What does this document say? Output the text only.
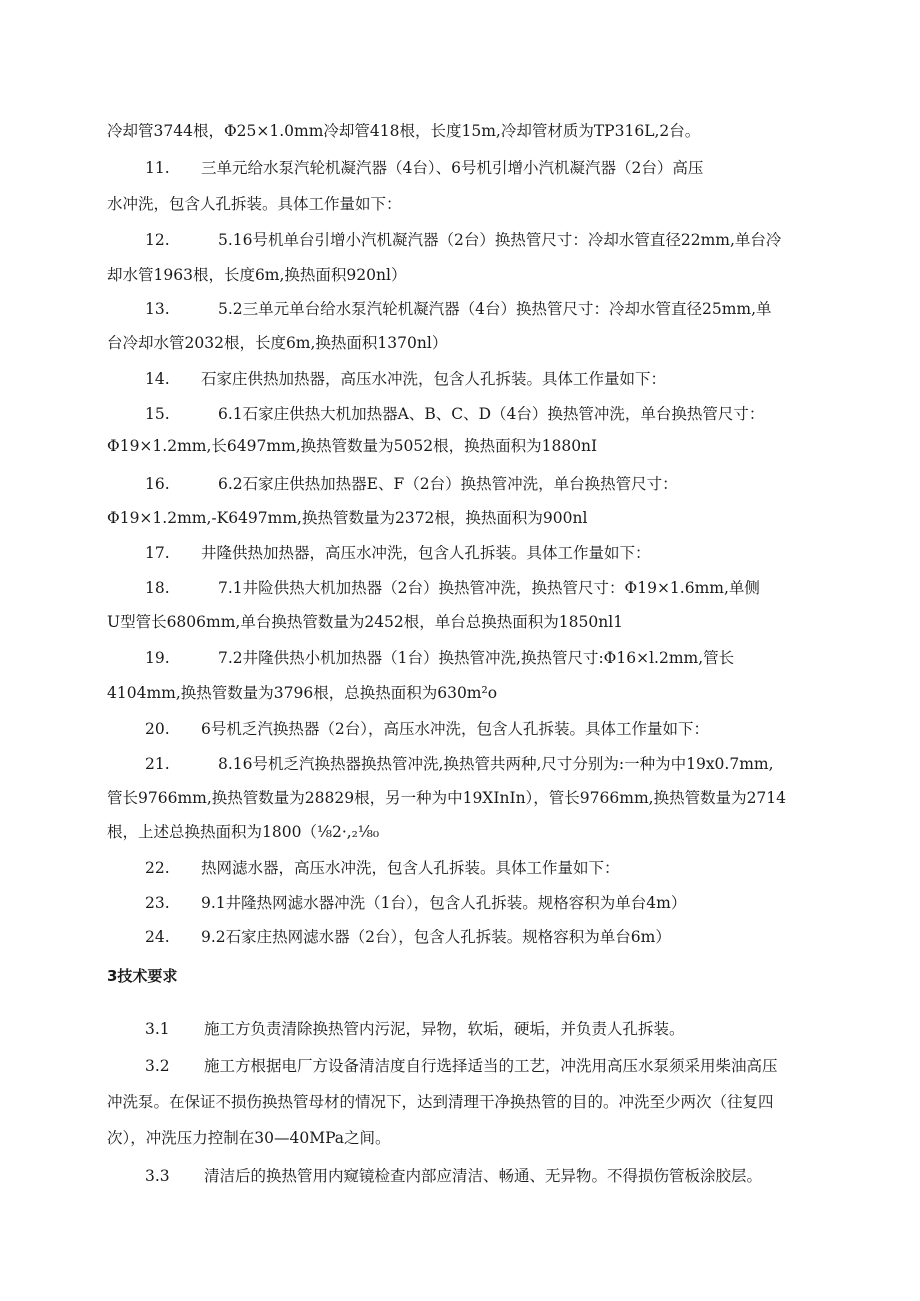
冷却管3744根，Φ25×1.0mm冷却管418根，长度15m,冷却管材质为TP316L,2台。
11. 三单元给水泵汽轮机凝汽器（4台）、6号机引增小汽机凝汽器（2台）高压
水冲洗，包含人孔拆装。具体工作量如下：
12.	5.16号机单台引增小汽机凝汽器（2台）换热管尺寸：冷却水管直径22mm,单台冷
却水管1963根，长度6m,换热面积920nl）
13.	5.2三单元单台给水泵汽轮机凝汽器（4台）换热管尺寸：冷却水管直径25mm,单
台冷却水管2032根，长度6m,换热面积1370nl）
14. 石家庄供热加热器，高压水冲洗，包含人孔拆装。具体工作量如下：
15.	6.1石家庄供热大机加热器A、B、C、D（4台）换热管冲洗，单台换热管尺寸：
Φ19×1.2mm,长6497mm,换热管数量为5052根，换热面积为1880nI
16.	6.2石家庄供热加热器E、F（2台）换热管冲洗，单台换热管尺寸：
Φ19×1.2mm,-K6497mm,换热管数量为2372根，换热面积为900nl
17. 井隆供热加热器，高压水冲洗，包含人孔拆装。具体工作量如下：
18.	7.1井险供热大机加热器（2台）换热管冲洗，换热管尺寸：Φ19×1.6mm,单侧
U型管长6806mm,单台换热管数量为2452根，单台总换热面积为1850nl1
19.	7.2井隆供热小机加热器（1台）换热管冲洗,换热管尺寸:Φ16×l.2mm,管长
4104mm,换热管数量为3796根，总换热面积为630m²o
20. 6号机乏汽换热器（2台），高压水冲洗，包含人孔拆装。具体工作量如下：
21.	8.16号机乏汽换热器换热管冲洗,换热管共两种,尺寸分别为:一种为中19x0.7mm,
管长9766mm,换热管数量为28829根，另一种为中19XInIn），管长9766mm,换热管数量为2714
根，上述总换热面积为1800（⅛2·,₂⅛₀
22. 热网滤水器，高压水冲洗，包含人孔拆装。具体工作量如下：
23. 9.1井隆热网滤水器冲洗（1台），包含人孔拆装。规格容积为单台4m）
24. 9.2石家庄热网滤水器（2台），包含人孔拆装。规格容积为单台6m）
3技术要求
3.1 施工方负责清除换热管内污泥，异物，软垢，硬垢，并负责人孔拆装。
3.2 施工方根据电厂方设备清洁度自行选择适当的工艺，冲洗用高压水泵须采用柴油高压
冲洗泵。在保证不损伤换热管母材的情况下，达到清理干净换热管的目的。冲洗至少两次（往复四
次），冲洗压力控制在30—40MPa之间。
3.3 清洁后的换热管用内窥镜检查内部应清洁、畅通、无异物。不得损伤管板涂胶层。
